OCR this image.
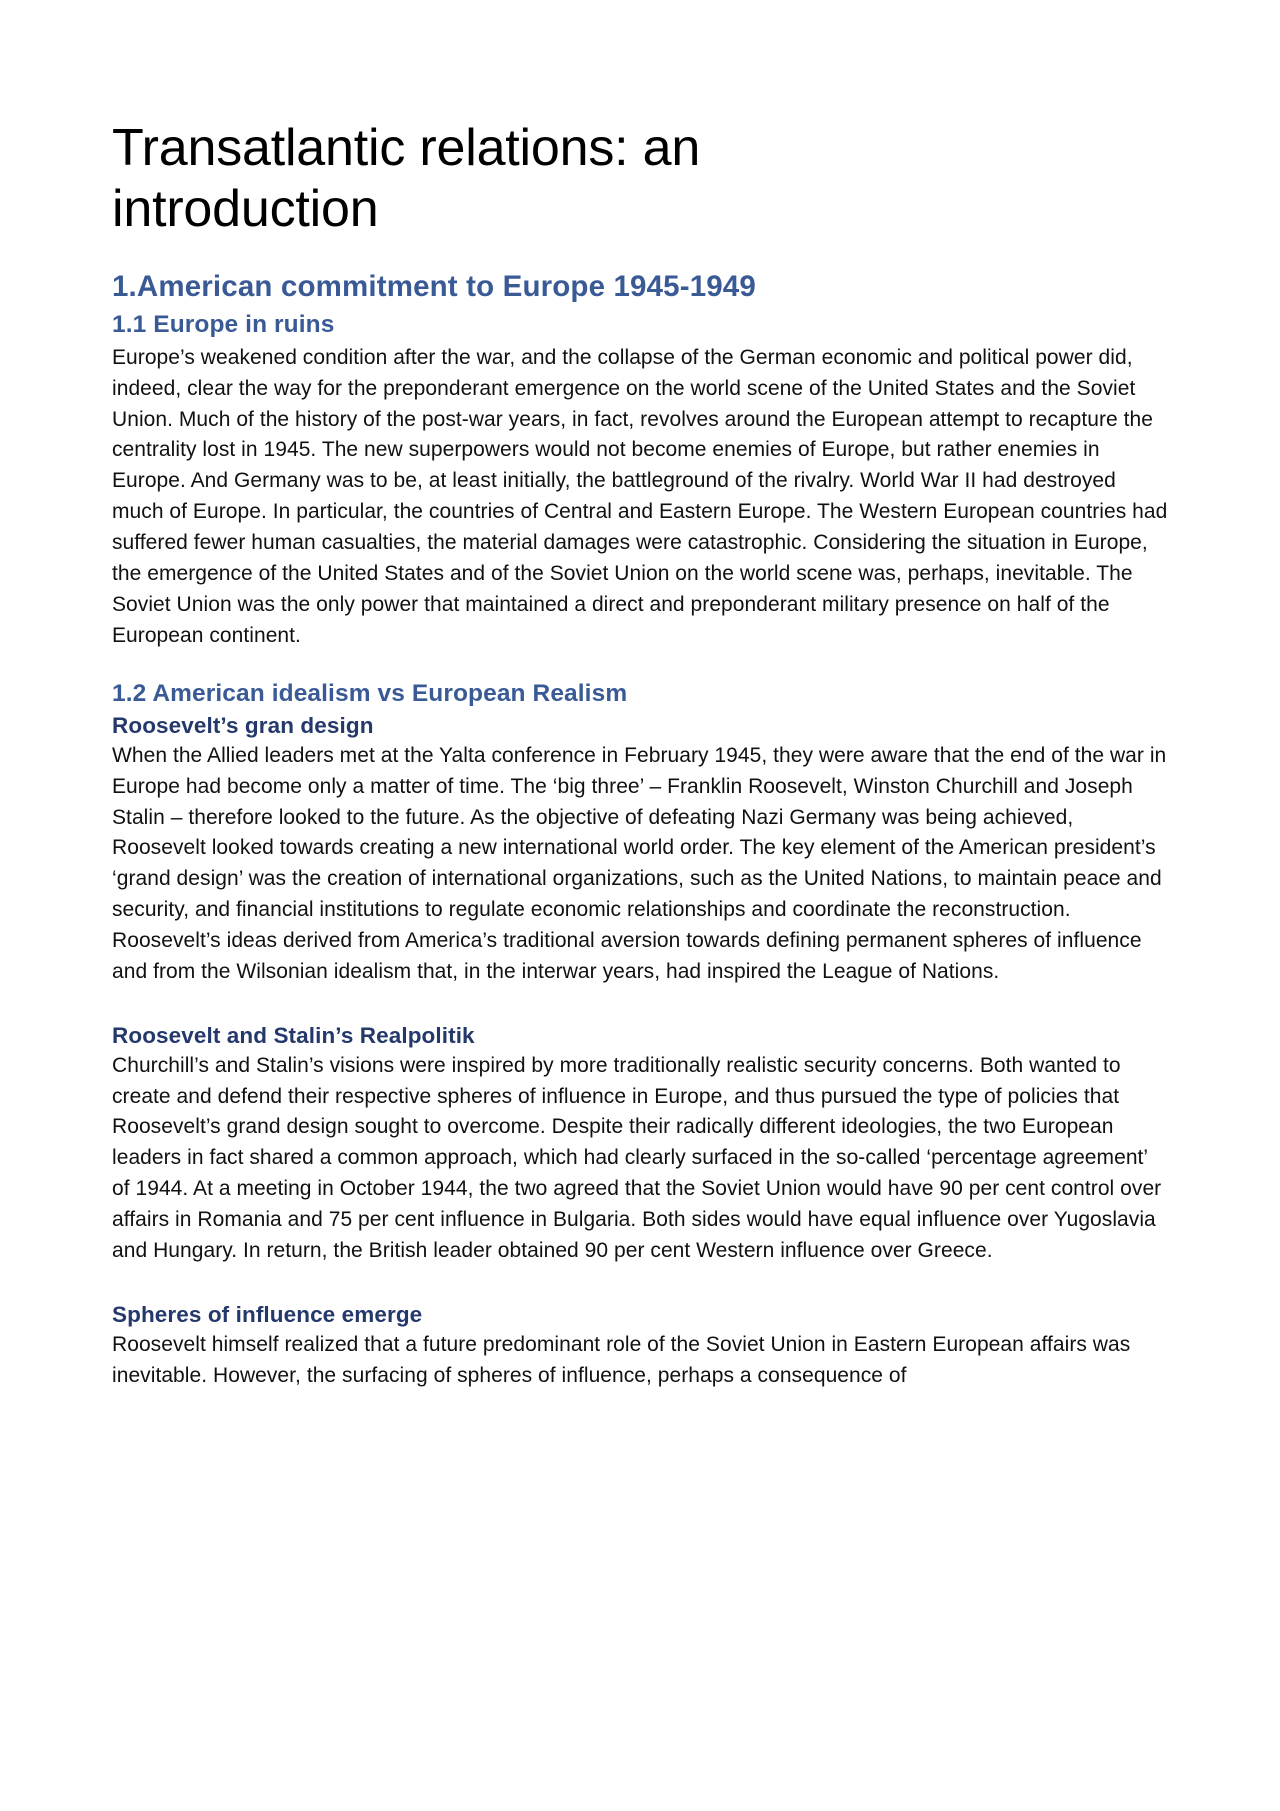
Transatlantic relations: an introduction
1.American commitment to Europe 1945-1949
1.1 Europe in ruins

Europe’s weakened condition after the war, and the collapse of the German economic and political power did, indeed, clear the way for the preponderant emergence on the world scene of the United States and the Soviet Union. Much of the history of the post-war years, in fact, revolves around the European attempt to recapture the centrality lost in 1945. The new superpowers would not become enemies of Europe, but rather enemies in Europe. And Germany was to be, at least initially, the battleground of the rivalry. World War II had destroyed much of Europe. In particular, the countries of Central and Eastern Europe. The Western European countries had suffered fewer human casualties, the material damages were catastrophic. Considering the situation in Europe, the emergence of the United States and of the Soviet Union on the world scene was, perhaps, inevitable. The Soviet Union was the only power that maintained a direct and preponderant military presence on half of the European continent.

1.2 American idealism vs European Realism
Roosevelt’s gran design

When the Allied leaders met at the Yalta conference in February 1945, they were aware that the end of the war in Europe had become only a matter of time. The ‘big three’ – Franklin Roosevelt, Winston Churchill and Joseph Stalin – therefore looked to the future. As the objective of defeating Nazi Germany was being achieved, Roosevelt looked towards creating a new international world order. The key element of the American president’s ‘grand design’ was the creation of international organizations, such as the United Nations, to maintain peace and security, and financial institutions to regulate economic relationships and coordinate the reconstruction. Roosevelt’s ideas derived from America’s traditional aversion towards defining permanent spheres of influence and from the Wilsonian idealism that, in the interwar years, had inspired the League of Nations.

Roosevelt and Stalin’s Realpolitik

Churchill’s and Stalin’s visions were inspired by more traditionally realistic security concerns. Both wanted to create and defend their respective spheres of influence in Europe, and thus pursued the type of policies that Roosevelt’s grand design sought to overcome. Despite their radically different ideologies, the two European leaders in fact shared a common approach, which had clearly surfaced in the so-called ‘percentage agreement’ of 1944. At a meeting in October 1944, the two agreed that the Soviet Union would have 90 per cent control over affairs in Romania and 75 per cent influence in Bulgaria. Both sides would have equal influence over Yugoslavia and Hungary. In return, the British leader obtained 90 per cent Western influence over Greece.

Spheres of influence emerge

Roosevelt himself realized that a future predominant role of the Soviet Union in Eastern European affairs was inevitable. However, the surfacing of spheres of influence, perhaps a consequence of
